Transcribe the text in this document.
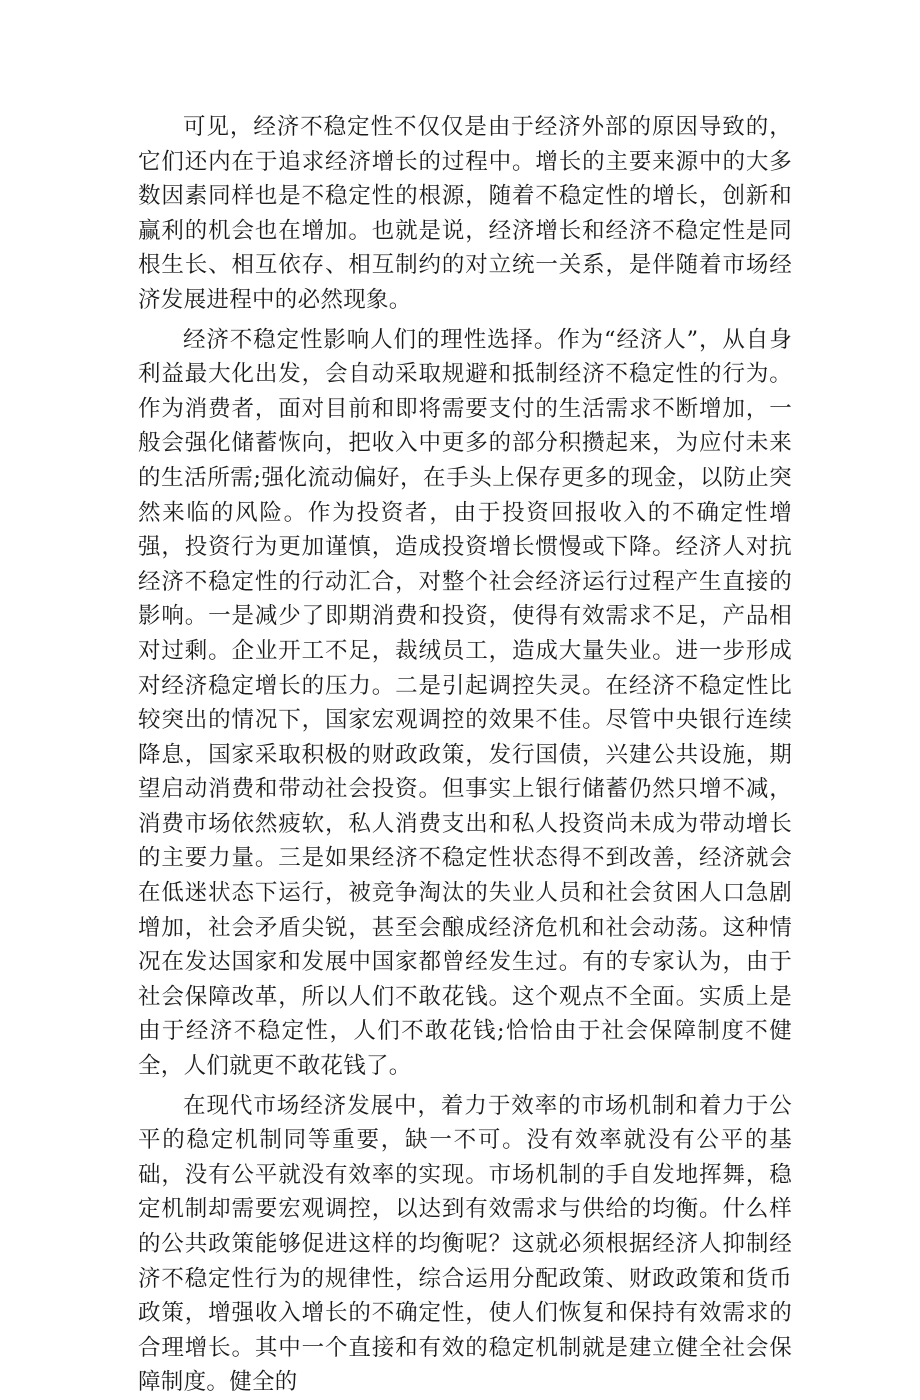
可见，经济不稳定性不仅仅是由于经济外部的原因导致的，它们还内在于追求经济增长的过程中。增长的主要来源中的大多数因素同样也是不稳定性的根源，随着不稳定性的增长，创新和赢利的机会也在增加。也就是说，经济增长和经济不稳定性是同根生长、相互依存、相互制约的对立统一关系，是伴随着市场经济发展进程中的必然现象。

经济不稳定性影响人们的理性选择。作为“经济人”，从自身利益最大化出发，会自动采取规避和抵制经济不稳定性的行为。作为消费者，面对目前和即将需要支付的生活需求不断增加，一般会强化储蓄恢向，把收入中更多的部分积攒起来，为应付未来的生活所需;强化流动偏好，在手头上保存更多的现金，以防止突然来临的风险。作为投资者，由于投资回报收入的不确定性增强，投资行为更加谨慎，造成投资增长惯慢或下降。经济人对抗经济不稳定性的行动汇合，对整个社会经济运行过程产生直接的影响。一是减少了即期消费和投资，使得有效需求不足，产品相对过剩。企业开工不足，裁绒员工，造成大量失业。进一步形成对经济稳定增长的压力。二是引起调控失灵。在经济不稳定性比较突出的情况下，国家宏观调控的效果不佳。尽管中央银行连续降息，国家采取积极的财政政策，发行国债，兴建公共设施，期望启动消费和带动社会投资。但事实上银行储蓄仍然只增不减，消费市场依然疲软，私人消费支出和私人投资尚未成为带动增长的主要力量。三是如果经济不稳定性状态得不到改善，经济就会在低迷状态下运行，被竞争淘汰的失业人员和社会贫困人口急剧增加，社会矛盾尖锐，甚至会酿成经济危机和社会动荡。这种情况在发达国家和发展中国家都曾经发生过。有的专家认为，由于社会保障改革，所以人们不敢花钱。这个观点不全面。实质上是由于经济不稳定性，人们不敢花钱;恰恰由于社会保障制度不健全，人们就更不敢花钱了。

在现代市场经济发展中，着力于效率的市场机制和着力于公平的稳定机制同等重要，缺一不可。没有效率就没有公平的基础，没有公平就没有效率的实现。市场机制的手自发地挥舞，稳定机制却需要宏观调控，以达到有效需求与供给的均衡。什么样的公共政策能够促进这样的均衡呢？这就必须根据经济人抑制经济不稳定性行为的规律性，综合运用分配政策、财政政策和货币政策，增强收入增长的不确定性，使人们恢复和保持有效需求的合理增长。其中一个直接和有效的稳定机制就是建立健全社会保障制度。健全的
